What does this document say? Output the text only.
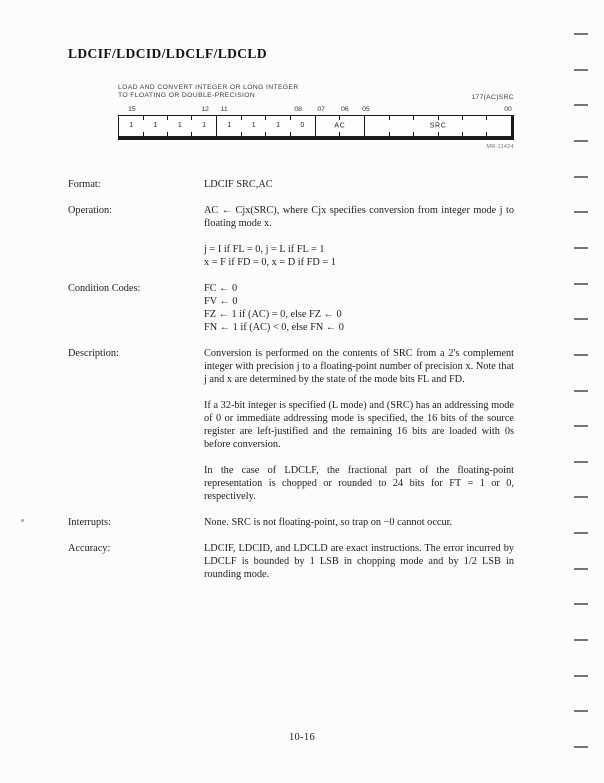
LDCIF/LDCID/LDCLF/LDCLD
LOAD AND CONVERT INTEGER OR LONG INTEGER
TO FLOATING OR DOUBLE-PRECISION	177(AC)SRC
15	12 11	08 07 06 05	00
1	1	1	1	1	1	1	0	AC	SRC
MR-11424
Format:	LDCIF SRC,AC
Operation:	AC ← Cjx(SRC), where Cjx specifies conversion from integer mode j to floating mode x.
j = I if FL = 0, j = L if FL = 1
x = F if FD = 0, x = D if FD = 1
Condition Codes:	FC ← 0
FV ← 0
FZ ← 1 if (AC) = 0, else FZ ← 0
FN ← 1 if (AC) < 0, else FN ← 0
Description:	Conversion is performed on the contents of SRC from a 2's complement integer with precision j to a floating-point number of precision x. Note that j and x are determined by the state of the mode bits FL and FD.
If a 32-bit integer is specified (L mode) and (SRC) has an addressing mode of 0 or immediate addressing mode is specified, the 16 bits of the source register are left-justified and the remaining 16 bits are loaded with 0s before conversion.
In the case of LDCLF, the fractional part of the floating-point representation is chopped or rounded to 24 bits for FT = 1 or 0, respectively.
Interrupts:	None. SRC is not floating-point, so trap on −0 cannot occur.
Accuracy:	LDCIF, LDCID, and LDCLD are exact instructions. The error incurred by LDCLF is bounded by 1 LSB in chopping mode and by 1/2 LSB in rounding mode.
10-16
